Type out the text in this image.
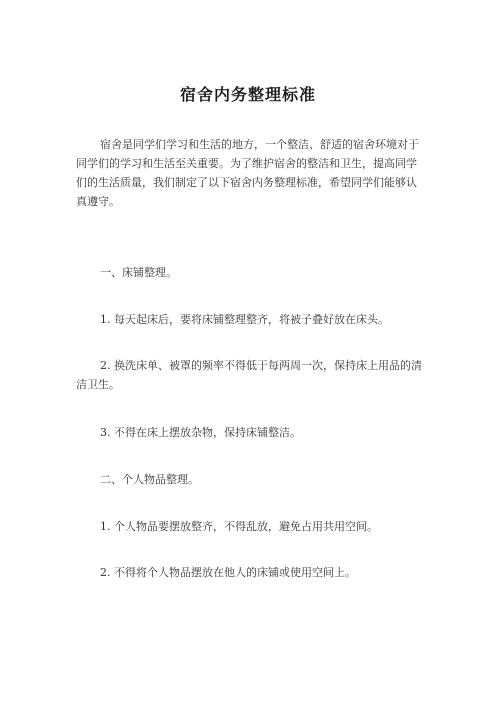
宿舍内务整理标准

宿舍是同学们学习和生活的地方，一个整洁、舒适的宿舍环境对于同学们的学习和生活至关重要。为了维护宿舍的整洁和卫生，提高同学们的生活质量，我们制定了以下宿舍内务整理标准，希望同学们能够认真遵守。

一、床铺整理。

1. 每天起床后，要将床铺整理整齐，将被子叠好放在床头。

2. 换洗床单、被罩的频率不得低于每两周一次，保持床上用品的清洁卫生。

3. 不得在床上摆放杂物，保持床铺整洁。

二、个人物品整理。

1. 个人物品要摆放整齐，不得乱放，避免占用共用空间。

2. 不得将个人物品摆放在他人的床铺或使用空间上。
